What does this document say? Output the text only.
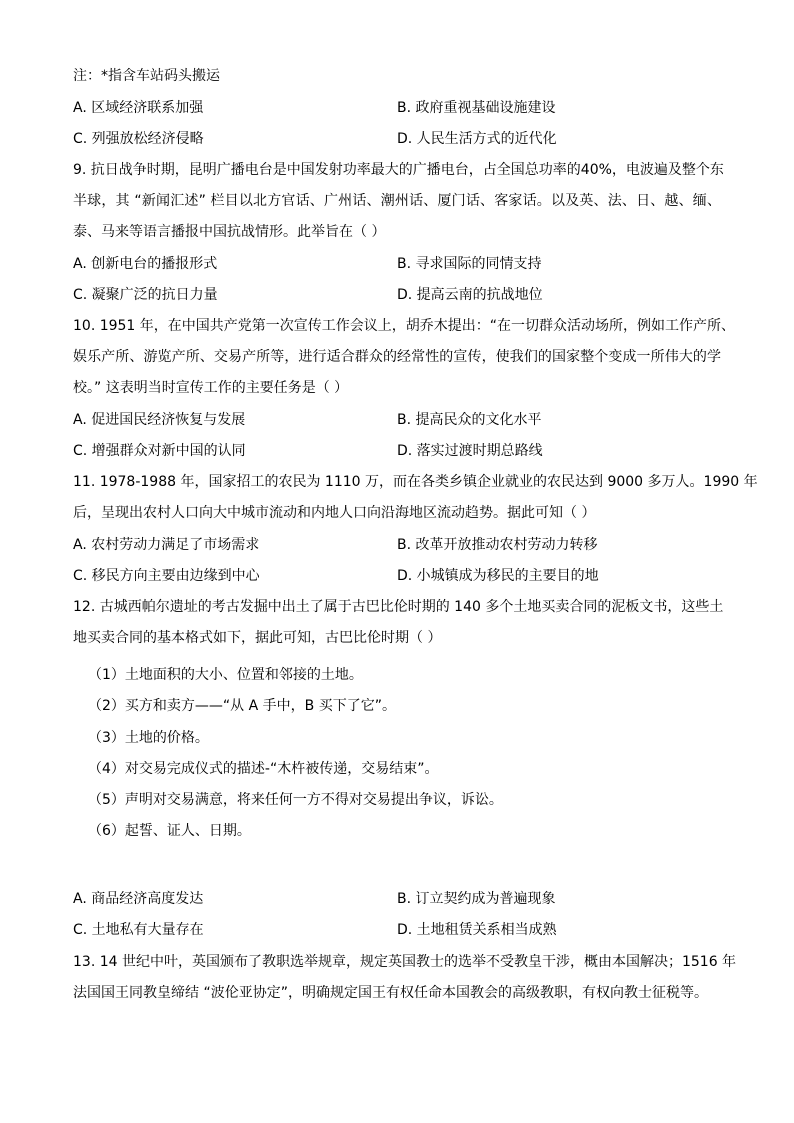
注：*指含车站码头搬运
A. 区域经济联系加强	B. 政府重视基础设施建设
C. 列强放松经济侵略	D. 人民生活方式的近代化
9. 抗日战争时期，昆明广播电台是中国发射功率最大的广播电台，占全国总功率的40%，电波遍及整个东
半球，其 “新闻汇述” 栏目以北方官话、广州话、潮州话、厦门话、客家话。以及英、法、日、越、缅、
泰、马来等语言播报中国抗战情形。此举旨在（ ）
A. 创新电台的播报形式	B. 寻求国际的同情支持
C. 凝聚广泛的抗日力量	D. 提高云南的抗战地位
10. 1951 年，在中国共产党第一次宣传工作会议上，胡乔木提出：“在一切群众活动场所，例如工作产所、
娱乐产所、游览产所、交易产所等，进行适合群众的经常性的宣传，使我们的国家整个变成一所伟大的学
校。” 这表明当时宣传工作的主要任务是（ ）
A. 促进国民经济恢复与发展	B. 提高民众的文化水平
C. 增强群众对新中国的认同	D. 落实过渡时期总路线
11. 1978-1988 年，国家招工的农民为 1110 万，而在各类乡镇企业就业的农民达到 9000 多万人。1990 年
后，呈现出农村人口向大中城市流动和内地人口向沿海地区流动趋势。据此可知（ ）
A. 农村劳动力满足了市场需求	B. 改革开放推动农村劳动力转移
C. 移民方向主要由边缘到中心	D. 小城镇成为移民的主要目的地
12. 古城西帕尔遗址的考古发掘中出土了属于古巴比伦时期的 140 多个土地买卖合同的泥板文书，这些土
地买卖合同的基本格式如下，据此可知，古巴比伦时期（ ）
（1）土地面积的大小、位置和邻接的土地。
（2）买方和卖方——“从 A 手中，B 买下了它”。
（3）土地的价格。
（4）对交易完成仪式的描述-“木杵被传递，交易结束”。
（5）声明对交易满意，将来任何一方不得对交易提出争议，诉讼。
（6）起誓、证人、日期。
A. 商品经济高度发达	B. 订立契约成为普遍现象
C. 土地私有大量存在	D. 土地租赁关系相当成熟
13. 14 世纪中叶，英国颁布了教职选举规章，规定英国教士的选举不受教皇干涉，概由本国解决；1516 年
法国国王同教皇缔结 “波伦亚协定”，明确规定国王有权任命本国教会的高级教职，有权向教士征税等。
